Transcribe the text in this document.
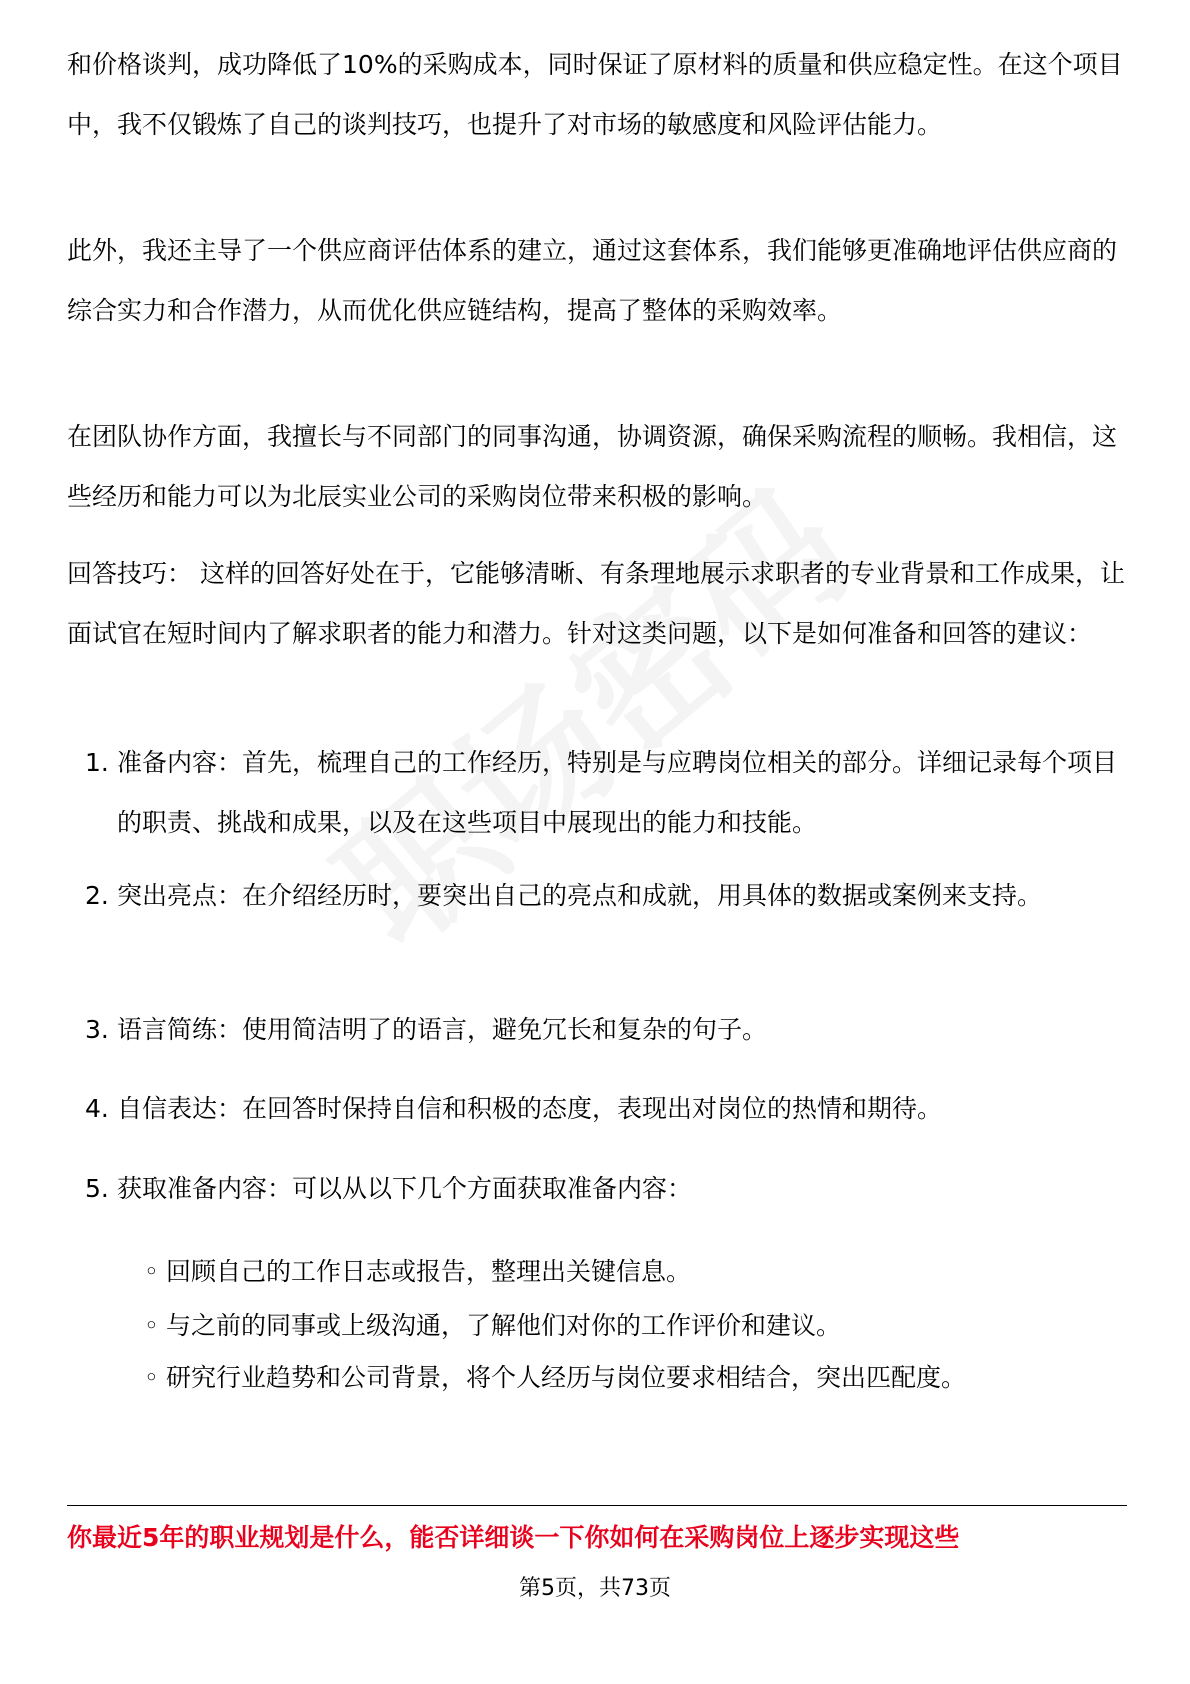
和价格谈判，成功降低了10%的采购成本，同时保证了原材料的质量和供应稳定性。在这个项目中，我不仅锻炼了自己的谈判技巧，也提升了对市场的敏感度和风险评估能力。

此外，我还主导了一个供应商评估体系的建立，通过这套体系，我们能够更准确地评估供应商的综合实力和合作潜力，从而优化供应链结构，提高了整体的采购效率。

在团队协作方面，我擅长与不同部门的同事沟通，协调资源，确保采购流程的顺畅。我相信，这些经历和能力可以为北辰实业公司的采购岗位带来积极的影响。

回答技巧： 这样的回答好处在于，它能够清晰、有条理地展示求职者的专业背景和工作成果，让面试官在短时间内了解求职者的能力和潜力。针对这类问题，以下是如何准备和回答的建议：

1. 准备内容：首先，梳理自己的工作经历，特别是与应聘岗位相关的部分。详细记录每个项目的职责、挑战和成果，以及在这些项目中展现出的能力和技能。
2. 突出亮点：在介绍经历时，要突出自己的亮点和成就，用具体的数据或案例来支持。
3. 语言简练：使用简洁明了的语言，避免冗长和复杂的句子。
4. 自信表达：在回答时保持自信和积极的态度，表现出对岗位的热情和期待。
5. 获取准备内容：可以从以下几个方面获取准备内容：
◦ 回顾自己的工作日志或报告，整理出关键信息。
◦ 与之前的同事或上级沟通，了解他们对你的工作评价和建议。
◦ 研究行业趋势和公司背景，将个人经历与岗位要求相结合，突出匹配度。
你最近5年的职业规划是什么，能否详细谈一下你如何在采购岗位上逐步实现这些
第5页，共73页
